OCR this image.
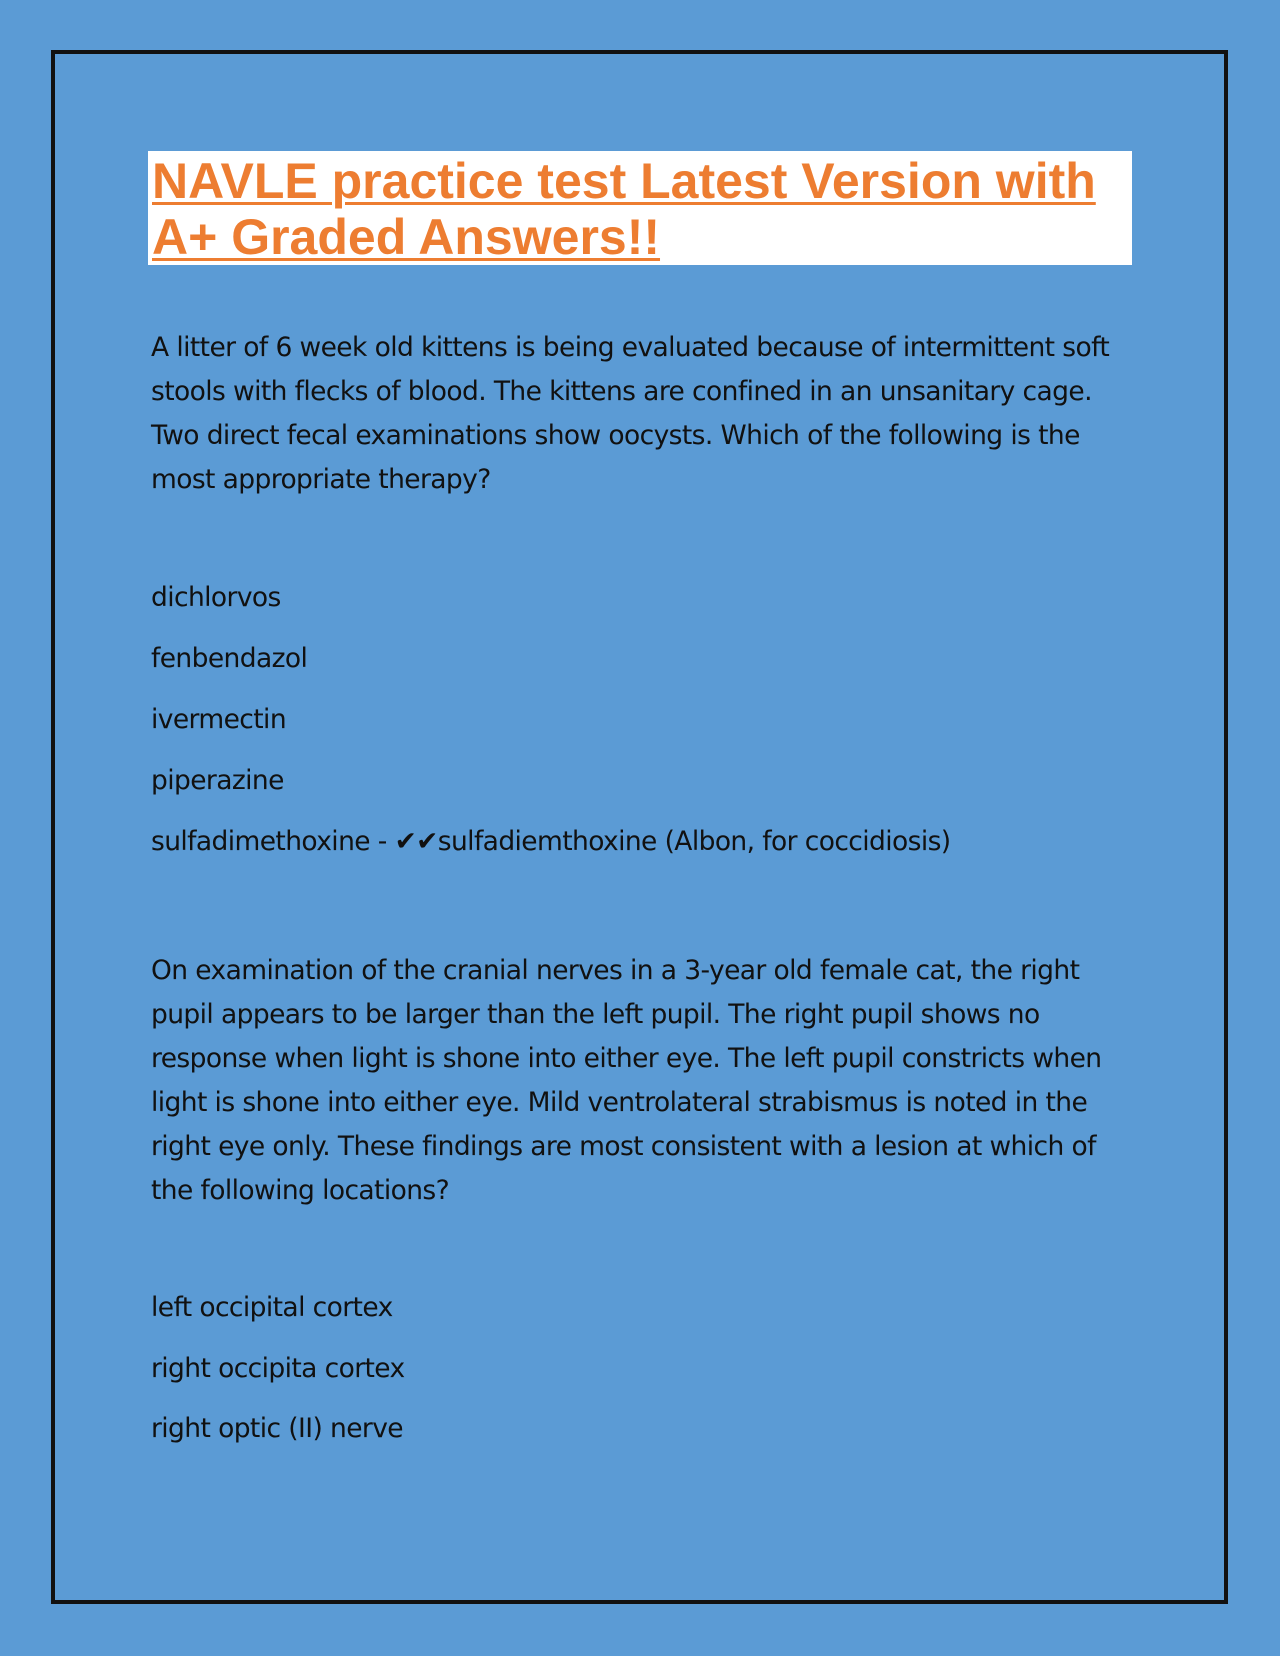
NAVLE practice test Latest Version with A+ Graded Answers!!

A litter of 6 week old kittens is being evaluated because of intermittent soft stools with flecks of blood. The kittens are confined in an unsanitary cage. Two direct fecal examinations show oocysts. Which of the following is the most appropriate therapy?

dichlorvos
fenbendazol
ivermectin
piperazine
sulfadimethoxine - ✔✔sulfadiemthoxine (Albon, for coccidiosis)

On examination of the cranial nerves in a 3-year old female cat, the right pupil appears to be larger than the left pupil. The right pupil shows no response when light is shone into either eye. The left pupil constricts when light is shone into either eye. Mild ventrolateral strabismus is noted in the right eye only. These findings are most consistent with a lesion at which of the following locations?

left occipital cortex
right occipita cortex
right optic (II) nerve
